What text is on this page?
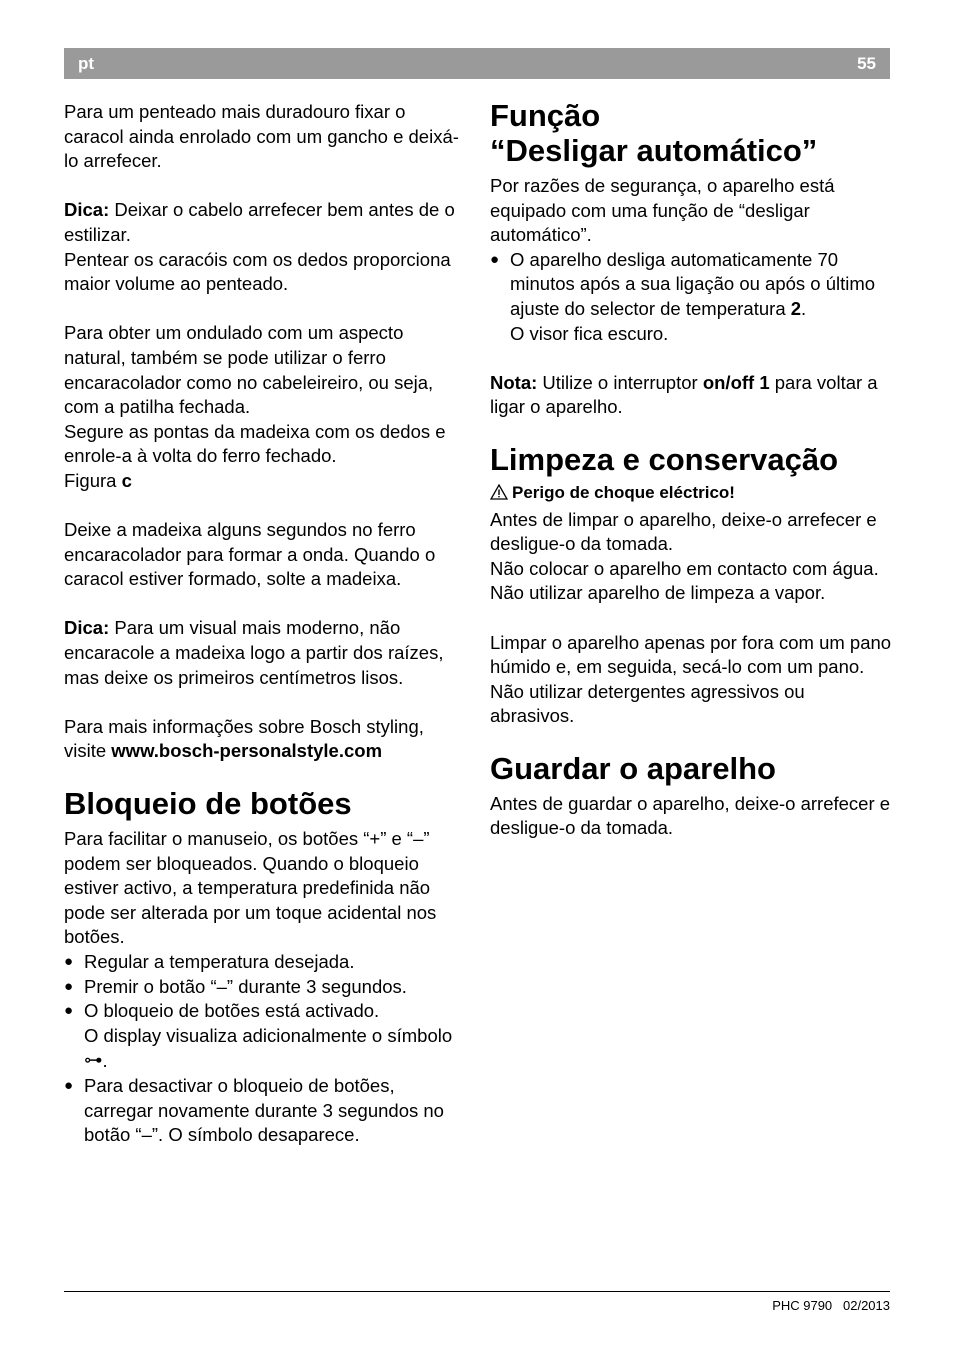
pt	55

Para um penteado mais duradouro fixar o caracol ainda enrolado com um gancho e deixá-lo arrefecer.

Dica: Deixar o cabelo arrefecer bem antes de o estilizar.

Pentear os caracóis com os dedos proporciona maior volume ao penteado.

Para obter um ondulado com um aspecto natural, também se pode utilizar o ferro encaracolador como no cabeleireiro, ou seja, com a patilha fechada.

Segure as pontas da madeixa com os dedos e enrole-a à volta do ferro fechado.

Figura c

Deixe a madeixa alguns segundos no ferro encaracolador para formar a onda. Quando o caracol estiver formado, solte a madeixa.

Dica: Para um visual mais moderno, não encaracole a madeixa logo a partir dos raízes, mas deixe os primeiros centímetros lisos.

Para mais informações sobre Bosch styling, visite www.bosch-personalstyle.com

Bloqueio de botões

Para facilitar o manuseio, os botões “+” e “–” podem ser bloqueados. Quando o bloqueio estiver activo, a temperatura predefinida não pode ser alterada por um toque acidental nos botões.

● Regular a temperatura desejada.
● Premir o botão “–” durante 3 segundos.
● O bloqueio de botões está activado.
O display visualiza adicionalmente o símbolo ⊶.
● Para desactivar o bloqueio de botões, carregar novamente durante 3 segundos no botão “–”. O símbolo desaparece.
Função
“Desligar automático”

Por razões de segurança, o aparelho está equipado com uma função de “desligar automático”.

● O aparelho desliga automaticamente 70 minutos após a sua ligação ou após o último ajuste do selector de temperatura 2.
O visor fica escuro.

Nota: Utilize o interruptor on/off 1 para voltar a ligar o aparelho.

Limpeza e conservação

Perigo de choque eléctrico!

Antes de limpar o aparelho, deixe-o arrefecer e desligue-o da tomada.

Não colocar o aparelho em contacto com água.

Não utilizar aparelho de limpeza a vapor.

Limpar o aparelho apenas por fora com um pano húmido e, em seguida, secá-lo com um pano. Não utilizar detergentes agressivos ou abrasivos.

Guardar o aparelho

Antes de guardar o aparelho, deixe-o arrefecer e desligue-o da tomada.

PHC 9790   02/2013
